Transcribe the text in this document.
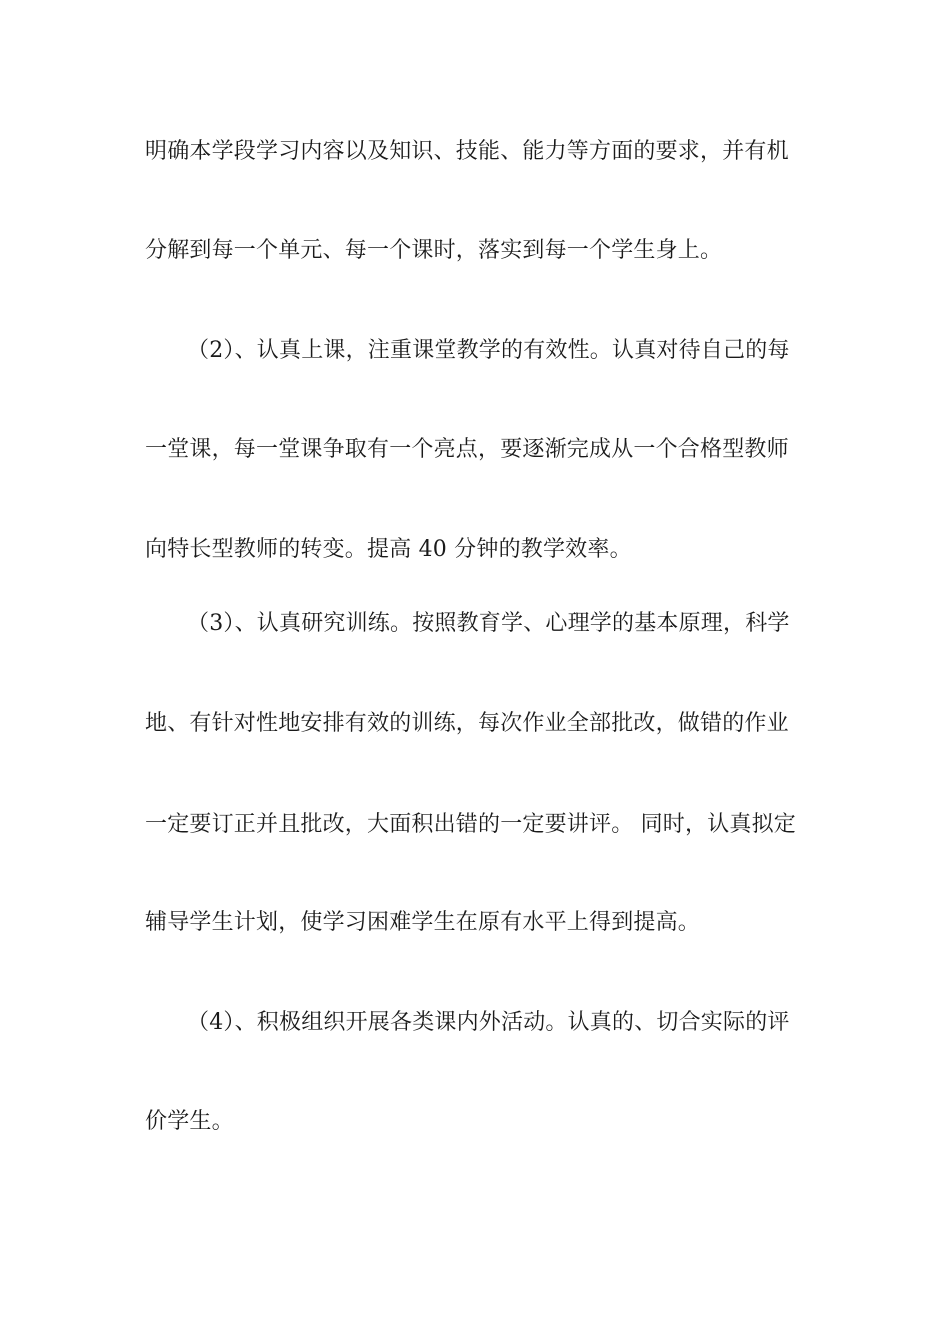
明确本学段学习内容以及知识、技能、能力等方面的要求，并有机
分解到每一个单元、每一个课时，落实到每一个学生身上。
（2）、认真上课，注重课堂教学的有效性。认真对待自己的每
一堂课，每一堂课争取有一个亮点，要逐渐完成从一个合格型教师
向特长型教师的转变。提高 40 分钟的教学效率。
（3）、认真研究训练。按照教育学、心理学的基本原理，科学
地、有针对性地安排有效的训练，每次作业全部批改，做错的作业
一定要订正并且批改，大面积出错的一定要讲评。 同时，认真拟定
辅导学生计划，使学习困难学生在原有水平上得到提高。
（4）、积极组织开展各类课内外活动。认真的、切合实际的评
价学生。
